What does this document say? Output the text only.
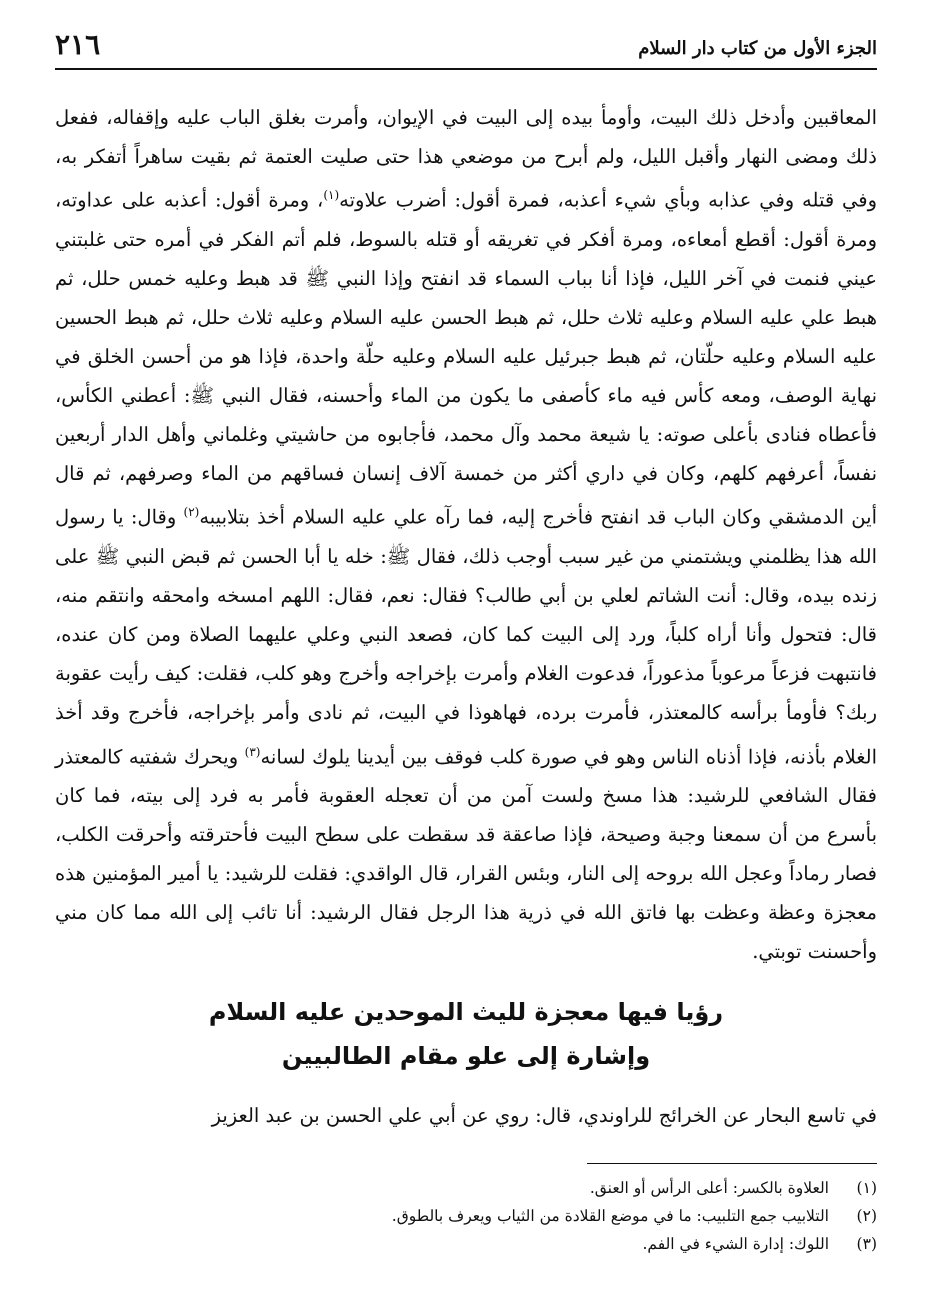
الجزء الأول من كتاب دار السلام
٢١٦

المعاقبين وأدخل ذلك البيت، وأومأ بيده إلى البيت في الإيوان، وأمرت بغلق الباب عليه وإقفاله، ففعل ذلك ومضى النهار وأقبل الليل، ولم أبرح من موضعي هذا حتى صليت العتمة ثم بقيت ساهراً أتفكر به، وفي قتله وفي عذابه وبأي شيء أعذبه، فمرة أقول: أضرب علاوته$^{(١)}$، ومرة أقول: أعذبه على عداوته، ومرة أقول: أقطع أمعاءه، ومرة أفكر في تغريقه أو قتله بالسوط، فلم أتم الفكر في أمره حتى غلبتني عيني فنمت في آخر الليل، فإذا أنا بباب السماء قد انفتح وإذا النبي ﷺ قد هبط وعليه خمس حلل، ثم هبط علي عليه السلام وعليه ثلاث حلل، ثم هبط الحسن عليه السلام وعليه ثلاث حلل، ثم هبط الحسين عليه السلام وعليه حلّتان، ثم هبط جبرئيل عليه السلام وعليه حلّة واحدة، فإذا هو من أحسن الخلق في نهاية الوصف، ومعه كأس فيه ماء كأصفى ما يكون من الماء وأحسنه، فقال النبي ﷺ: أعطني الكأس، فأعطاه فنادى بأعلى صوته: يا شيعة محمد وآل محمد، فأجابوه من حاشيتي وغلماني وأهل الدار أربعين نفساً، أعرفهم كلهم، وكان في داري أكثر من خمسة آلاف إنسان فساقهم من الماء وصرفهم، ثم قال أين الدمشقي وكان الباب قد انفتح فأخرج إليه، فما رآه علي عليه السلام أخذ بتلابيبه$^{(٢)}$ وقال: يا رسول الله هذا يظلمني ويشتمني من غير سبب أوجب ذلك، فقال ﷺ: خله يا أبا الحسن ثم قبض النبي ﷺ على زنده بيده، وقال: أنت الشاتم لعلي بن أبي طالب؟ فقال: نعم، فقال: اللهم امسخه وامحقه وانتقم منه، قال: فتحول وأنا أراه كلباً، ورد إلى البيت كما كان، فصعد النبي وعلي عليهما الصلاة ومن كان عنده، فانتبهت فزعاً مرعوباً مذعوراً، فدعوت الغلام وأمرت بإخراجه وأخرج وهو كلب، فقلت: كيف رأيت عقوبة ربك؟ فأومأ برأسه كالمعتذر، فأمرت برده، فهاهوذا في البيت، ثم نادى وأمر بإخراجه، فأخرج وقد أخذ الغلام بأذنه، فإذا أذناه الناس وهو في صورة كلب فوقف بين أيدينا يلوك لسانه$^{(٣)}$ ويحرك شفتيه كالمعتذر فقال الشافعي للرشيد: هذا مسخ ولست آمن من أن تعجله العقوبة فأمر به فرد إلى بيته، فما كان بأسرع من أن سمعنا وجبة وصيحة، فإذا صاعقة قد سقطت على سطح البيت فأحترقته وأحرقت الكلب، فصار رماداً وعجل الله بروحه إلى النار، وبئس القرار، قال الواقدي: فقلت للرشيد: يا أمير المؤمنين هذه معجزة وعظة وعظت بها فاتق الله في ذرية هذا الرجل فقال الرشيد: أنا تائب إلى الله مما كان مني وأحسنت توبتي.

رؤيا فيها معجزة لليث الموحدين عليه السلام
وإشارة إلى علو مقام الطالبيين

في تاسع البحار عن الخرائج للراوندي، قال: روي عن أبي علي الحسن بن عبد العزيز

(١)
العلاوة بالكسر: أعلى الرأس أو العنق.
(٢)
التلابيب جمع التلبيب: ما في موضع القلادة من الثياب ويعرف بالطوق.
(٣)
اللوك: إدارة الشيء في الفم.
